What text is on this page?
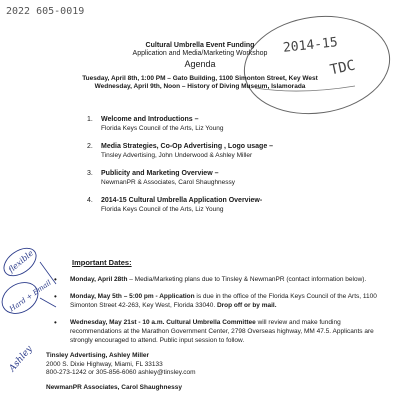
2022 605-0019
2014-15
TDC
flexible
Hard + Email
Ashley
Cultural Umbrella Event Funding
Application and Media/Marketing Workshop
Agenda
Tuesday, April 8th, 1:00 PM – Gato Building, 1100 Simonton Street, Key West
Wednesday, April 9th, Noon – History of Diving Museum, Islamorada
1. Welcome and Introductions –
Florida Keys Council of the Arts, Liz Young
2. Media Strategies, Co-Op Advertising , Logo usage –
Tinsley Advertising, John Underwood & Ashley Miller
3. Publicity and Marketing Overview –
NewmanPR & Associates, Carol Shaughnessy
4. 2014-15 Cultural Umbrella Application Overview-
Florida Keys Council of the Arts, Liz Young
Important Dates:
• Monday, April 28th – Media/Marketing plans due to Tinsley & NewmanPR (contact information below).
• Monday, May 5th – 5:00 pm - Application is due in the office of the Florida Keys Council of the Arts, 1100 Simonton Street 42-263, Key West, Florida 33040. Drop off or by mail.
• Wednesday, May 21st - 10 a.m. Cultural Umbrella Committee will review and make funding recommendations at the Marathon Government Center, 2798 Overseas highway, MM 47.5. Applicants are strongly encouraged to attend. Public input session to follow.
Tinsley Advertising, Ashley Miller
2000 S. Dixie Highway, Miami, FL 33133
800-273-1242 or 305-856-6060 ashley@tinsley.com
NewmanPR Associates, Carol Shaughnessy
